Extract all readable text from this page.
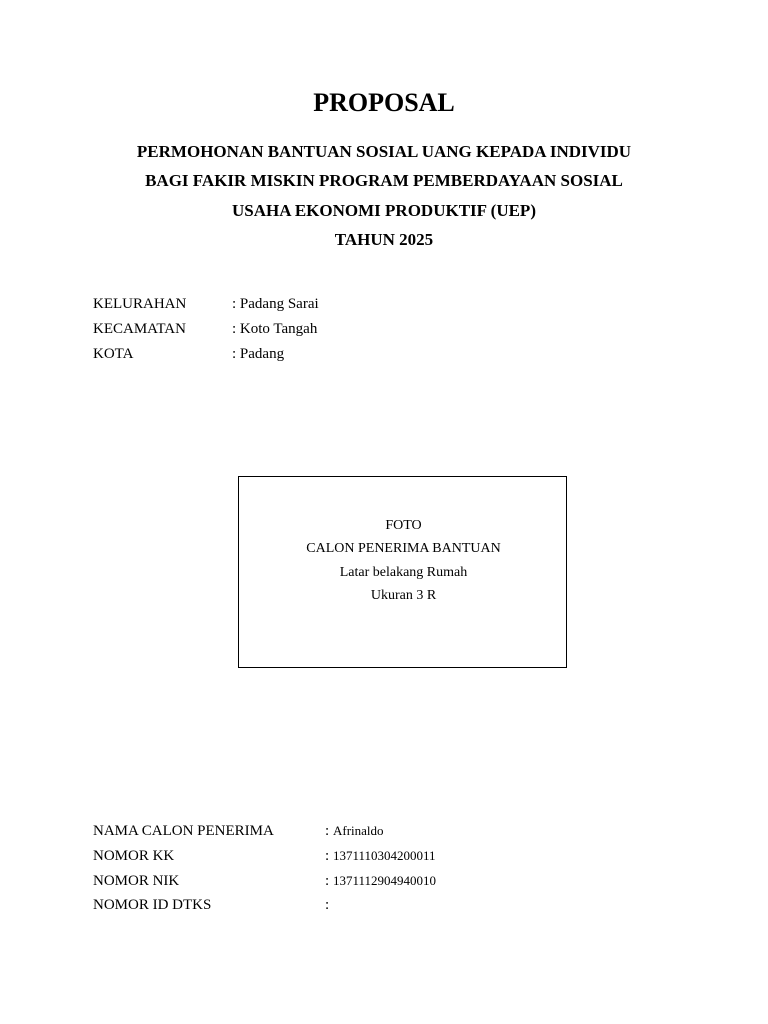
PROPOSAL
PERMOHONAN BANTUAN SOSIAL UANG KEPADA INDIVIDU
BAGI FAKIR MISKIN PROGRAM PEMBERDAYAAN SOSIAL
USAHA EKONOMI PRODUKTIF (UEP)
TAHUN 2025
KELURAHAN	: Padang Sarai
KECAMATAN	: Koto Tangah
KOTA	: Padang
FOTO
CALON PENERIMA BANTUAN
Latar belakang Rumah
Ukuran 3 R
NAMA CALON PENERIMA	: Afrinaldo
NOMOR KK	: 1371110304200011
NOMOR NIK	: 1371112904940010
NOMOR ID DTKS	:
